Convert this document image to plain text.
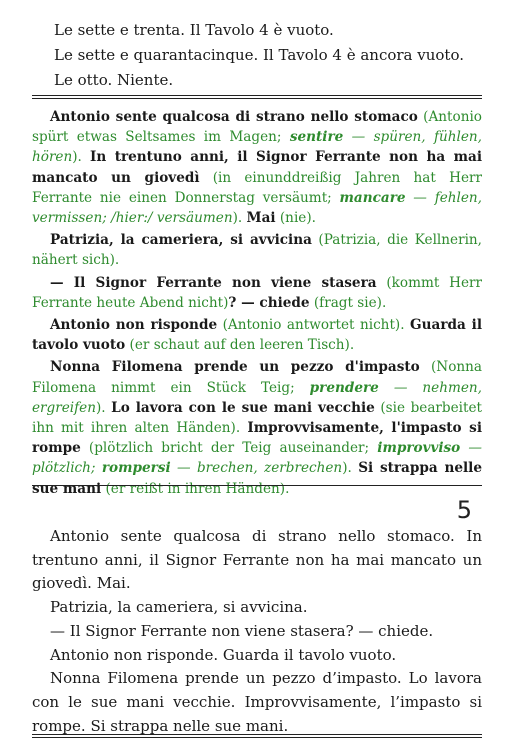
Le sette e trenta. Il Tavolo 4 è vuoto.
Le sette e quarantacinque. Il Tavolo 4 è ancora vuoto.
Le otto. Niente.

Antonio sente qualcosa di strano nello stomaco (Antonio spürt etwas Seltsames im Magen; sentire — spüren, fühlen, hören). In trentuno anni, il Signor Ferrante non ha mai mancato un giovedì (in einunddreißig Jahren hat Herr Ferrante nie einen Donnerstag versäumt; mancare — fehlen, vermissen; /hier:/ versäumen). Mai (nie).

Patrizia, la cameriera, si avvicina (Patrizia, die Kellnerin, nähert sich).

— Il Signor Ferrante non viene stasera (kommt Herr Ferrante heute Abend nicht)? — chiede (fragt sie).

Antonio non risponde (Antonio antwortet nicht). Guarda il tavolo vuoto (er schaut auf den leeren Tisch).

Nonna Filomena prende un pezzo d'impasto (Nonna Filomena nimmt ein Stück Teig; prendere — nehmen, ergreifen). Lo lavora con le sue mani vecchie (sie bearbeitet ihn mit ihren alten Händen). Improvvisamente, l'impasto si rompe (plötzlich bricht der Teig auseinander; improvviso — plötzlich; rompersi — brechen, zerbrechen). Si strappa nelle sue mani (er reißt in ihren Händen).

5

Antonio sente qualcosa di strano nello stomaco. In trentuno anni, il Signor Ferrante non ha mai mancato un giovedì. Mai.

Patrizia, la cameriera, si avvicina.

— Il Signor Ferrante non viene stasera? — chiede.

Antonio non risponde. Guarda il tavolo vuoto.

Nonna Filomena prende un pezzo d’impasto. Lo lavora con le sue mani vecchie. Improvvisamente, l’impasto si rompe. Si strappa nelle sue mani.
